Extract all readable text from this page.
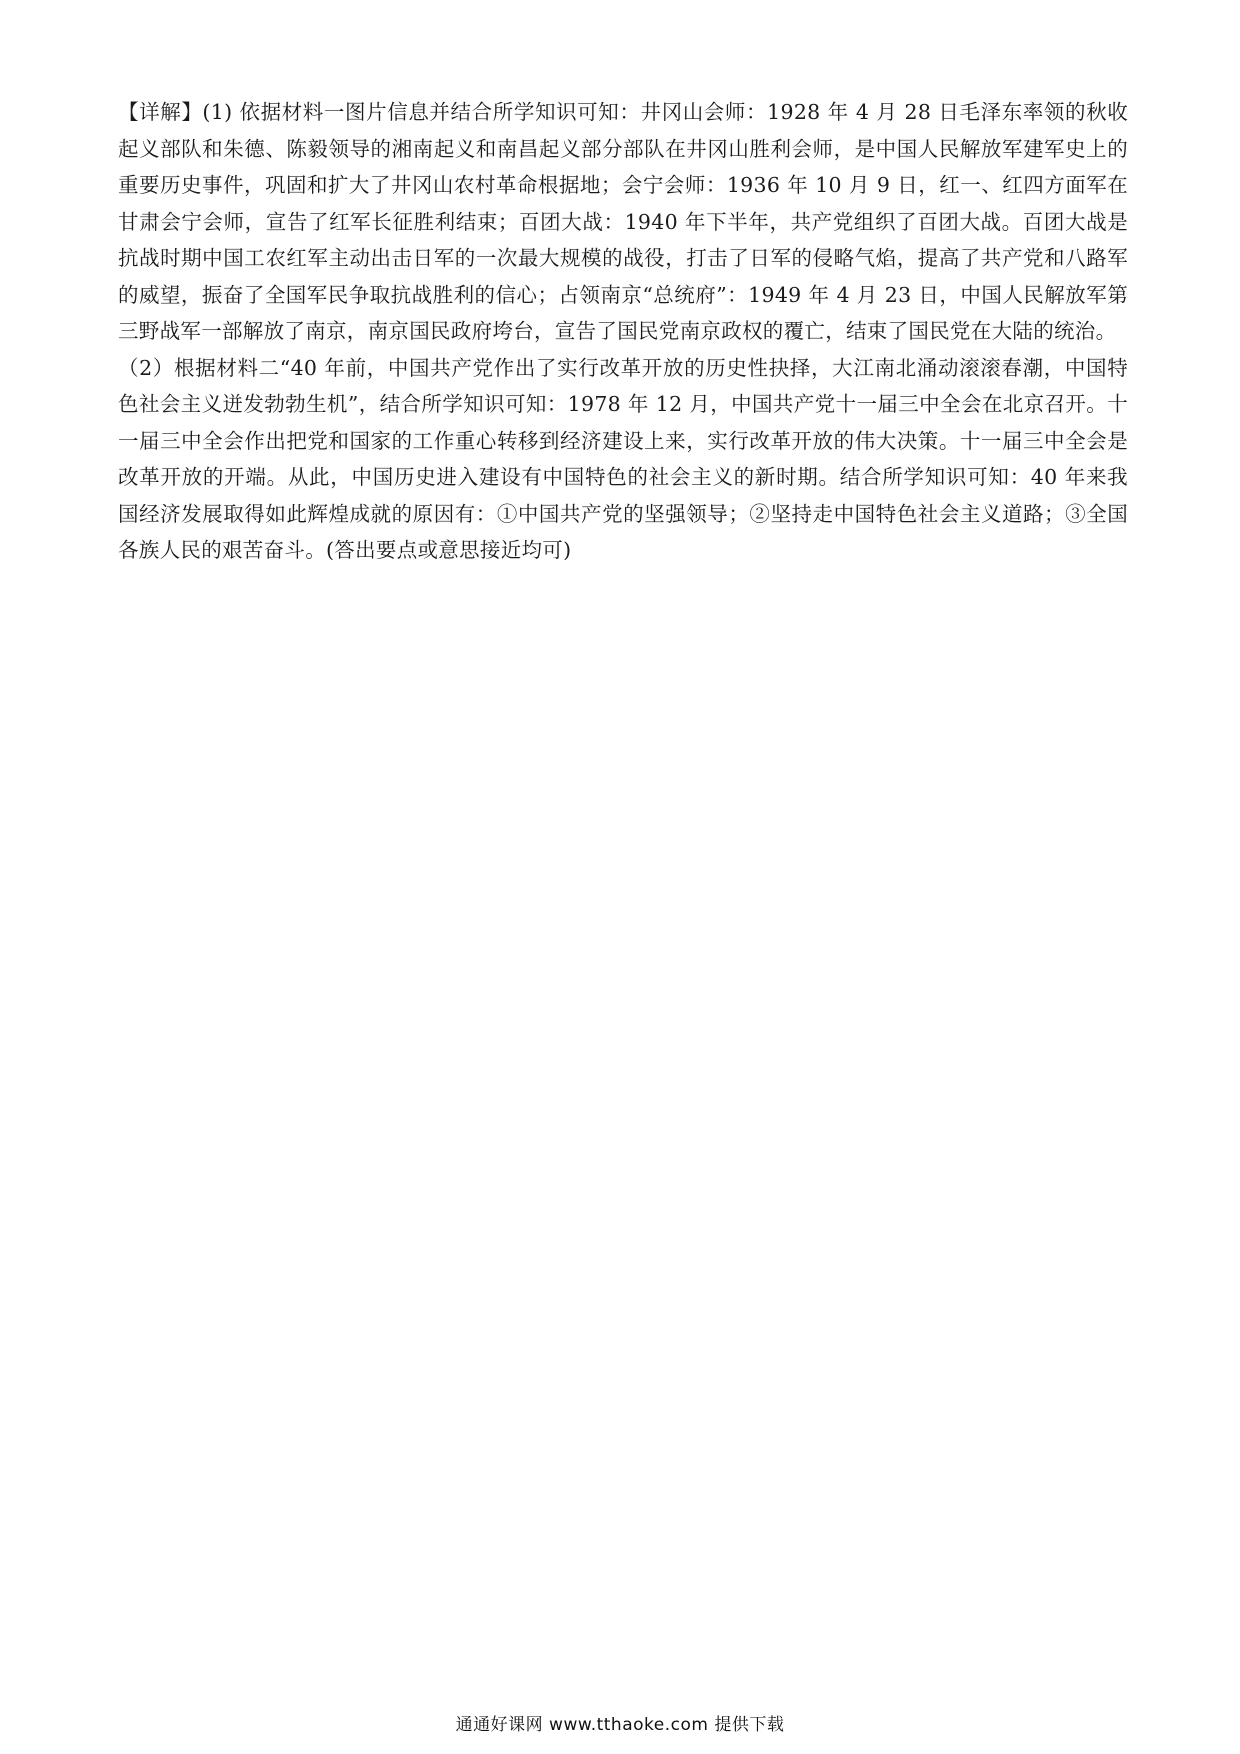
【详解】(1) 依据材料一图片信息并结合所学知识可知：井冈山会师：1928 年 4 月 28 日毛泽东率领的秋收起义部队和朱德、陈毅领导的湘南起义和南昌起义部分部队在井冈山胜利会师，是中国人民解放军建军史上的重要历史事件，巩固和扩大了井冈山农村革命根据地；会宁会师：1936 年 10 月 9 日，红一、红四方面军在甘肃会宁会师，宣告了红军长征胜利结束；百团大战：1940 年下半年，共产党组织了百团大战。百团大战是抗战时期中国工农红军主动出击日军的一次最大规模的战役，打击了日军的侵略气焰，提高了共产党和八路军的威望，振奋了全国军民争取抗战胜利的信心；占领南京“总统府”：1949 年 4 月 23 日，中国人民解放军第三野战军一部解放了南京，南京国民政府垮台，宣告了国民党南京政权的覆亡，结束了国民党在大陆的统治。

（2）根据材料二“40 年前，中国共产党作出了实行改革开放的历史性抉择，大江南北涌动滚滚春潮，中国特色社会主义迸发勃勃生机”，结合所学知识可知：1978 年 12 月，中国共产党十一届三中全会在北京召开。十一届三中全会作出把党和国家的工作重心转移到经济建设上来，实行改革开放的伟大决策。十一届三中全会是改革开放的开端。从此，中国历史进入建设有中国特色的社会主义的新时期。结合所学知识可知：40 年来我国经济发展取得如此辉煌成就的原因有：①中国共产党的坚强领导；②坚持走中国特色社会主义道路；③全国各族人民的艰苦奋斗。(答出要点或意思接近均可)

通通好课网 www.tthaoke.com 提供下载
